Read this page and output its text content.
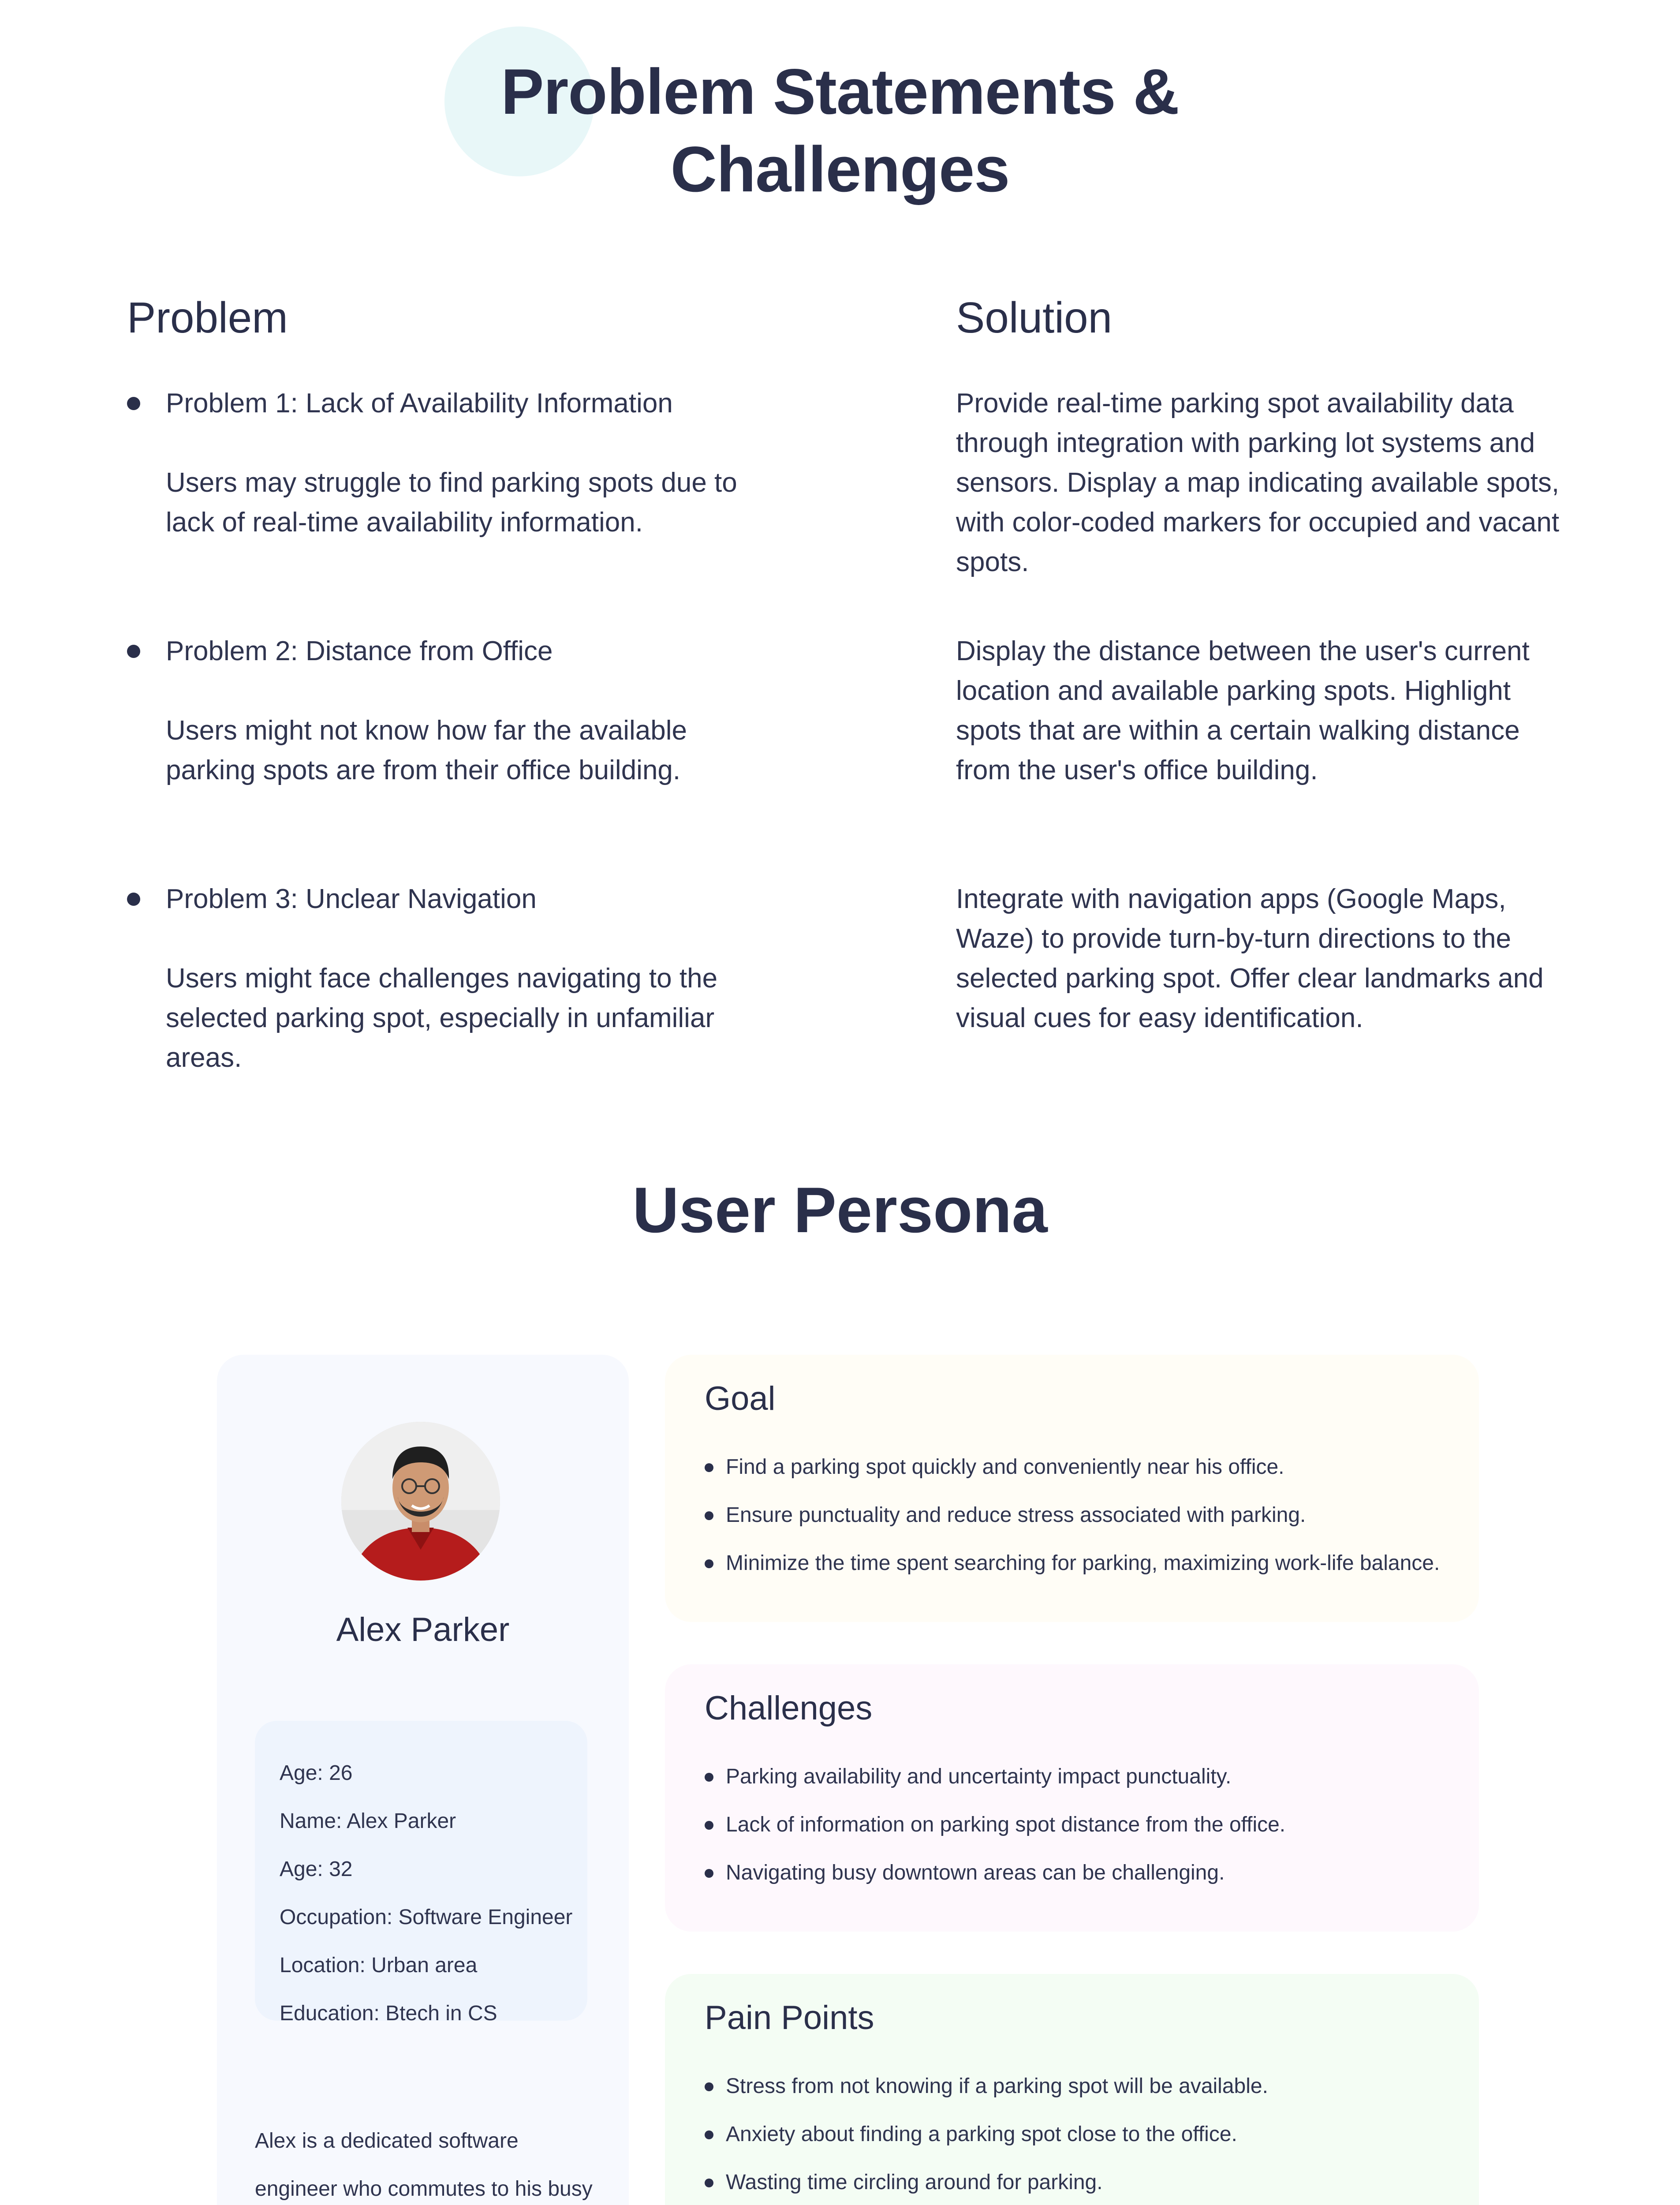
Problem Statements &
Challenges
Problem	Solution

Problem 1: Lack of Availability Information

Users may struggle to find parking spots due to lack of real-time availability information.

Problem 2: Distance from Office

Users might not know how far the available parking spots are from their office building.

Problem 3: Unclear Navigation

Users might face challenges navigating to the selected parking spot, especially in unfamiliar areas.

Provide real-time parking spot availability data through integration with parking lot systems and sensors. Display a map indicating available spots, with color-coded markers for occupied and vacant spots.

Display the distance between the user's current location and available parking spots. Highlight spots that are within a certain walking distance from the user's office building.

Integrate with navigation apps (Google Maps, Waze) to provide turn-by-turn directions to the selected parking spot. Offer clear landmarks and visual cues for easy identification.

User Persona

Alex Parker

Age: 26

Name: Alex Parker

Age: 32

Occupation: Software Engineer

Location: Urban area

Education: Btech in CS

Alex is a dedicated software
engineer who commutes to his busy

Goal
Find a parking spot quickly and conveniently near his office.
Ensure punctuality and reduce stress associated with parking.
Minimize the time spent searching for parking, maximizing work-life balance.
Challenges
Parking availability and uncertainty impact punctuality.
Lack of information on parking spot distance from the office.
Navigating busy downtown areas can be challenging.
Pain Points
Stress from not knowing if a parking spot will be available.
Anxiety about finding a parking spot close to the office.
Wasting time circling around for parking.
